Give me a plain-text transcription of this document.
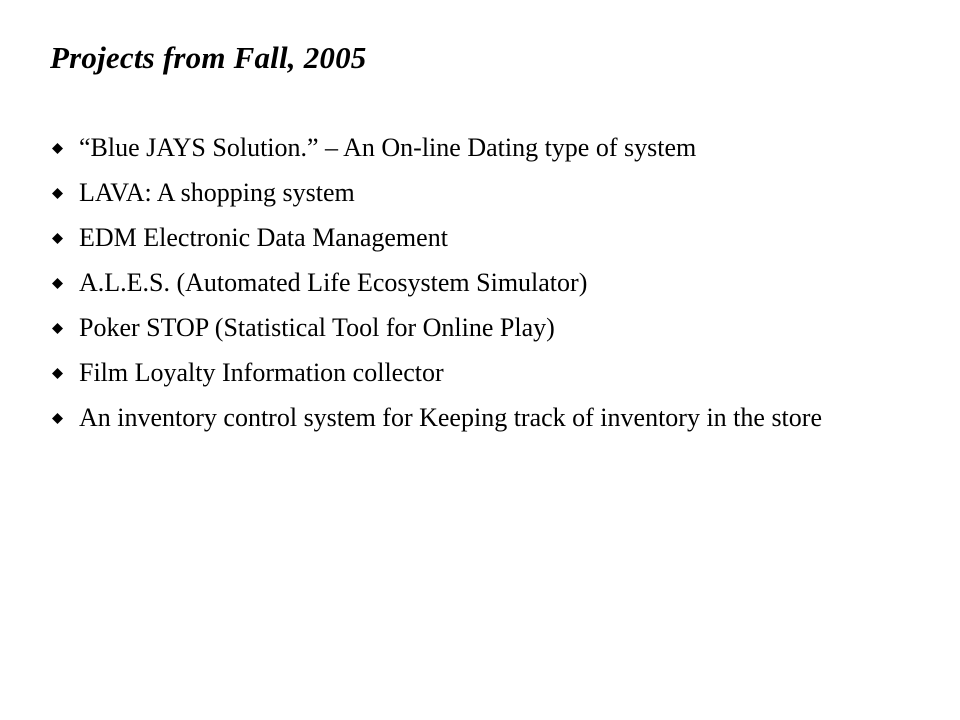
Projects from Fall, 2005
“Blue JAYS Solution.” – An On-line Dating type of system
LAVA: A shopping system
EDM Electronic Data Management
A.L.E.S. (Automated Life Ecosystem Simulator)
Poker STOP (Statistical Tool for Online Play)
Film Loyalty Information collector
An inventory control system for Keeping track of inventory in the store
